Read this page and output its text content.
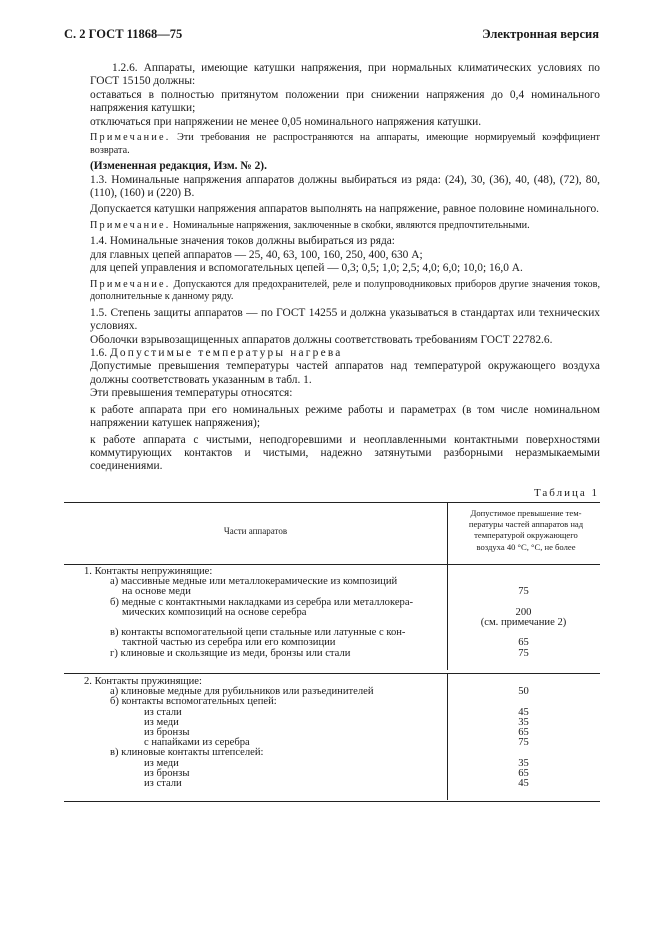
С. 2 ГОСТ 11868—75	Электронная версия

1.2.6. Аппараты, имеющие катушки напряжения, при нормальных климатических условиях по ГОСТ 15150 должны:

оставаться в полностью притянутом положении при снижении напряжения до 0,4 номинального напряжения катушки;

отключаться при напряжении не менее 0,05 номинального напряжения катушки.

Примечание. Эти требования не распространяются на аппараты, имеющие нормируемый коэффициент возврата.

(Измененная редакция, Изм. № 2).

1.3. Номинальные напряжения аппаратов должны выбираться из ряда: (24), 30, (36), 40, (48), (72), 80, (110), (160) и (220) В.

Допускается катушки напряжения аппаратов выполнять на напряжение, равное половине номинального.

Примечание. Номинальные напряжения, заключенные в скобки, являются предпочтительными.

1.4. Номинальные значения токов должны выбираться из ряда:

для главных цепей аппаратов — 25, 40, 63, 100, 160, 250, 400, 630 А;

для цепей управления и вспомогательных цепей — 0,3; 0,5; 1,0; 2,5; 4,0; 6,0; 10,0; 16,0 А.

Примечание. Допускаются для предохранителей, реле и полупроводниковых приборов другие значения токов, дополнительные к данному ряду.

1.5. Степень защиты аппаратов — по ГОСТ 14255 и должна указываться в стандартах или технических условиях.

Оболочки взрывозащищенных аппаратов должны соответствовать требованиям ГОСТ 22782.6.

1.6. Допустимые температуры нагрева

Допустимые превышения температуры частей аппаратов над температурой окружающего воздуха должны соответствовать указанным в табл. 1.

Эти превышения температуры относятся:

к работе аппарата при его номинальных режиме работы и параметрах (в том числе номинальном напряжении катушек напряжения);

к работе аппарата с чистыми, неподгоревшими и неоплавленными контактными поверхностями коммутирующих контактов и чистыми, надежно затянутыми разборными неразмыкаемыми соединениями.

Таблица 1
Части аппаратов
Допустимое превышение тем-
пературы частей аппаратов над
температурой окружающего
воздуха 40 °С, °С, не более
1. Контакты непружинящие:
а) массивные медные или металлокерамические из композиций
на основе меди	75
б) медные с контактными накладками из серебра или металлокера-
мических композиций на основе серебра	200
(см. примечание 2)
в) контакты вспомогательной цепи стальные или латунные с кон-
тактной частью из серебра или его композиции	65
г) клиновые и скользящие из меди, бронзы или стали	75
2. Контакты пружинящие:
а) клиновые медные для рубильников или разъединителей	50
б) контакты вспомогательных цепей:
из стали	45
из меди	35
из бронзы	65
с напайками из серебра	75
в) клиновые контакты штепселей:
из меди	35
из бронзы	65
из стали	45
